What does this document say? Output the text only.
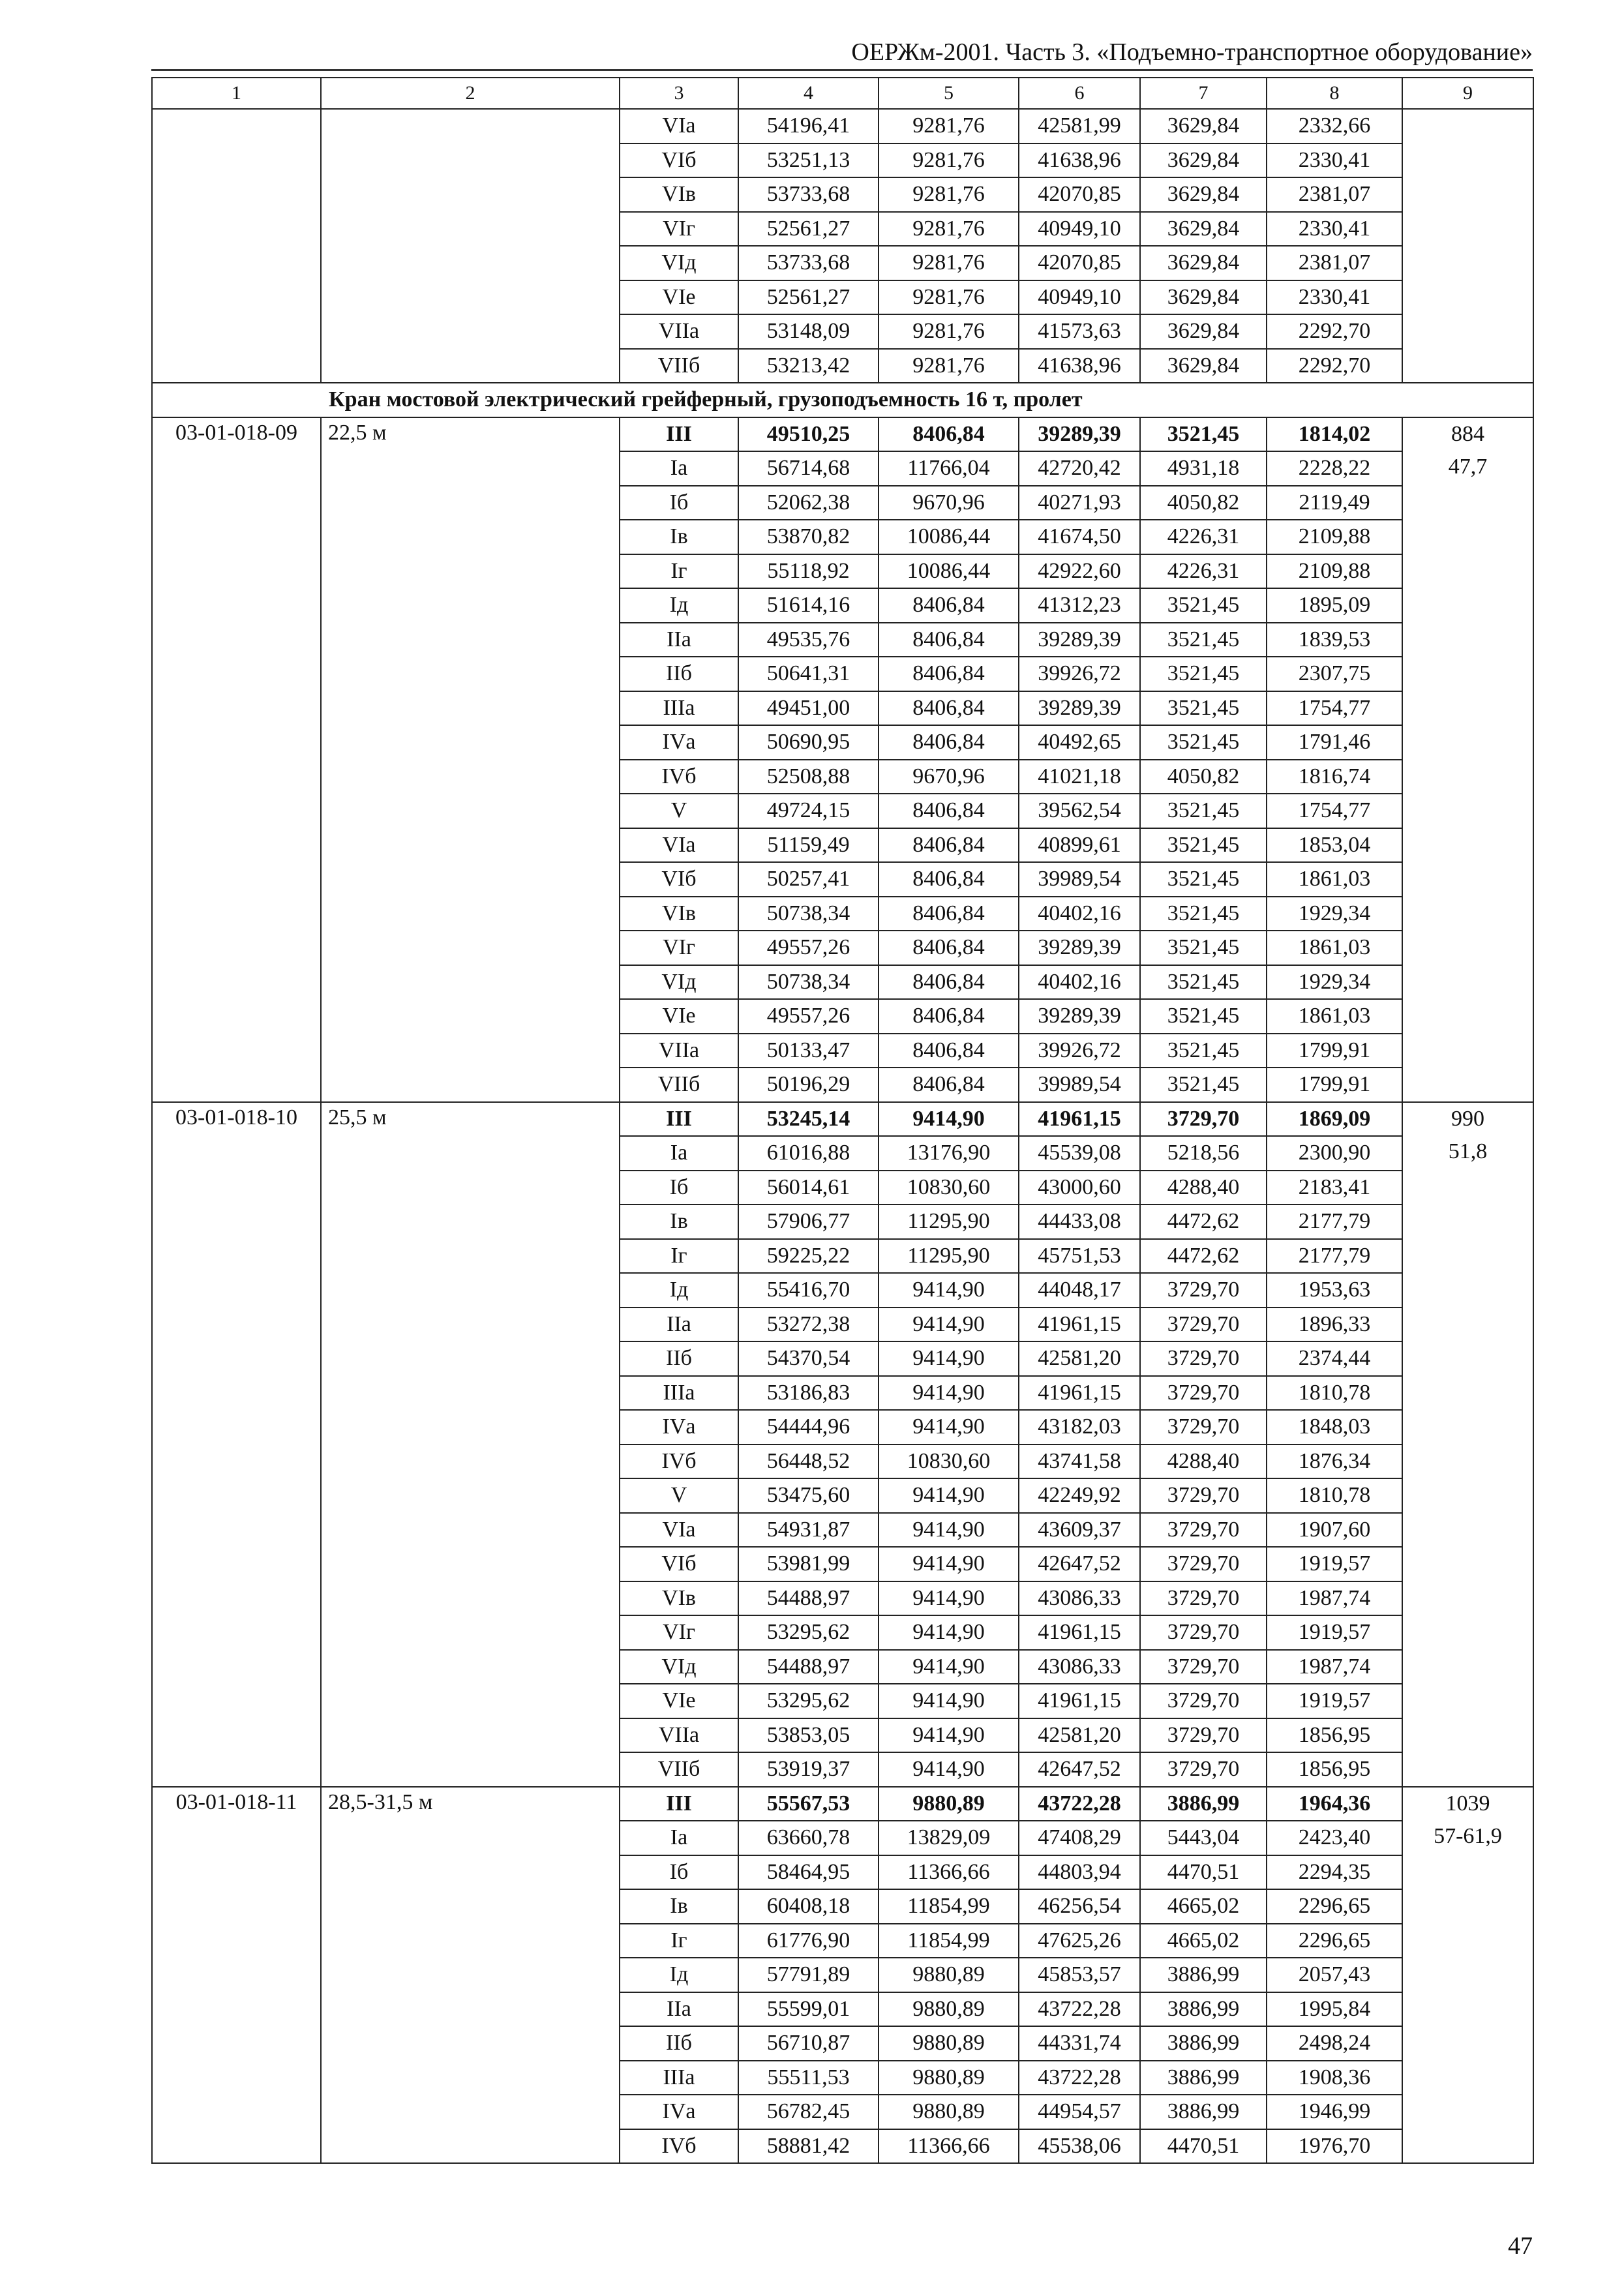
ОЕРЖм-2001. Часть 3. «Подъемно-транспортное оборудование»
1	2	3	4	5	6	7	8	9
		VIа	54196,41	9281,76	42581,99	3629,84	2332,66	
		VIб	53251,13	9281,76	41638,96	3629,84	2330,41	
		VIв	53733,68	9281,76	42070,85	3629,84	2381,07	
		VIг	52561,27	9281,76	40949,10	3629,84	2330,41	
		VIд	53733,68	9281,76	42070,85	3629,84	2381,07	
		VIе	52561,27	9281,76	40949,10	3629,84	2330,41	
		VIIа	53148,09	9281,76	41573,63	3629,84	2292,70	
		VIIб	53213,42	9281,76	41638,96	3629,84	2292,70	

Кран мостовой электрический грейферный, грузоподъемность 16 т, пролет								

03-01-018-09	22,5 м	III	49510,25	8406,84	39289,39	3521,45	1814,02	884
47,7

		Iа	56714,68	11766,04	42720,42	4931,18	2228,22	
		Iб	52062,38	9670,96	40271,93	4050,82	2119,49	
		Iв	53870,82	10086,44	41674,50	4226,31	2109,88	
		Iг	55118,92	10086,44	42922,60	4226,31	2109,88	
		Iд	51614,16	8406,84	41312,23	3521,45	1895,09	
		IIа	49535,76	8406,84	39289,39	3521,45	1839,53	
		IIб	50641,31	8406,84	39926,72	3521,45	2307,75	
		IIIа	49451,00	8406,84	39289,39	3521,45	1754,77	
		IVа	50690,95	8406,84	40492,65	3521,45	1791,46	
		IVб	52508,88	9670,96	41021,18	4050,82	1816,74	
		V	49724,15	8406,84	39562,54	3521,45	1754,77	
		VIа	51159,49	8406,84	40899,61	3521,45	1853,04	
		VIб	50257,41	8406,84	39989,54	3521,45	1861,03	
		VIв	50738,34	8406,84	40402,16	3521,45	1929,34	
		VIг	49557,26	8406,84	39289,39	3521,45	1861,03	
		VIд	50738,34	8406,84	40402,16	3521,45	1929,34	
		VIе	49557,26	8406,84	39289,39	3521,45	1861,03	
		VIIа	50133,47	8406,84	39926,72	3521,45	1799,91	
		VIIб	50196,29	8406,84	39989,54	3521,45	1799,91	
03-01-018-10	25,5 м	III	53245,14	9414,90	41961,15	3729,70	1869,09	990
51,8

		Iа	61016,88	13176,90	45539,08	5218,56	2300,90	
		Iб	56014,61	10830,60	43000,60	4288,40	2183,41	
		Iв	57906,77	11295,90	44433,08	4472,62	2177,79	
		Iг	59225,22	11295,90	45751,53	4472,62	2177,79	
		Iд	55416,70	9414,90	44048,17	3729,70	1953,63	
		IIа	53272,38	9414,90	41961,15	3729,70	1896,33	
		IIб	54370,54	9414,90	42581,20	3729,70	2374,44	
		IIIа	53186,83	9414,90	41961,15	3729,70	1810,78	
		IVа	54444,96	9414,90	43182,03	3729,70	1848,03	
		IVб	56448,52	10830,60	43741,58	4288,40	1876,34	
		V	53475,60	9414,90	42249,92	3729,70	1810,78	
		VIа	54931,87	9414,90	43609,37	3729,70	1907,60	
		VIб	53981,99	9414,90	42647,52	3729,70	1919,57	
		VIв	54488,97	9414,90	43086,33	3729,70	1987,74	
		VIг	53295,62	9414,90	41961,15	3729,70	1919,57	
		VIд	54488,97	9414,90	43086,33	3729,70	1987,74	
		VIе	53295,62	9414,90	41961,15	3729,70	1919,57	
		VIIа	53853,05	9414,90	42581,20	3729,70	1856,95	
		VIIб	53919,37	9414,90	42647,52	3729,70	1856,95	
03-01-018-11	28,5-31,5 м	III	55567,53	9880,89	43722,28	3886,99	1964,36	1039
57-61,9

		Iа	63660,78	13829,09	47408,29	5443,04	2423,40	
		Iб	58464,95	11366,66	44803,94	4470,51	2294,35	
		Iв	60408,18	11854,99	46256,54	4665,02	2296,65	
		Iг	61776,90	11854,99	47625,26	4665,02	2296,65	
		Iд	57791,89	9880,89	45853,57	3886,99	2057,43	
		IIа	55599,01	9880,89	43722,28	3886,99	1995,84	
		IIб	56710,87	9880,89	44331,74	3886,99	2498,24	
		IIIа	55511,53	9880,89	43722,28	3886,99	1908,36	
		IVа	56782,45	9880,89	44954,57	3886,99	1946,99	
		IVб	58881,42	11366,66	45538,06	4470,51	1976,70	
47
